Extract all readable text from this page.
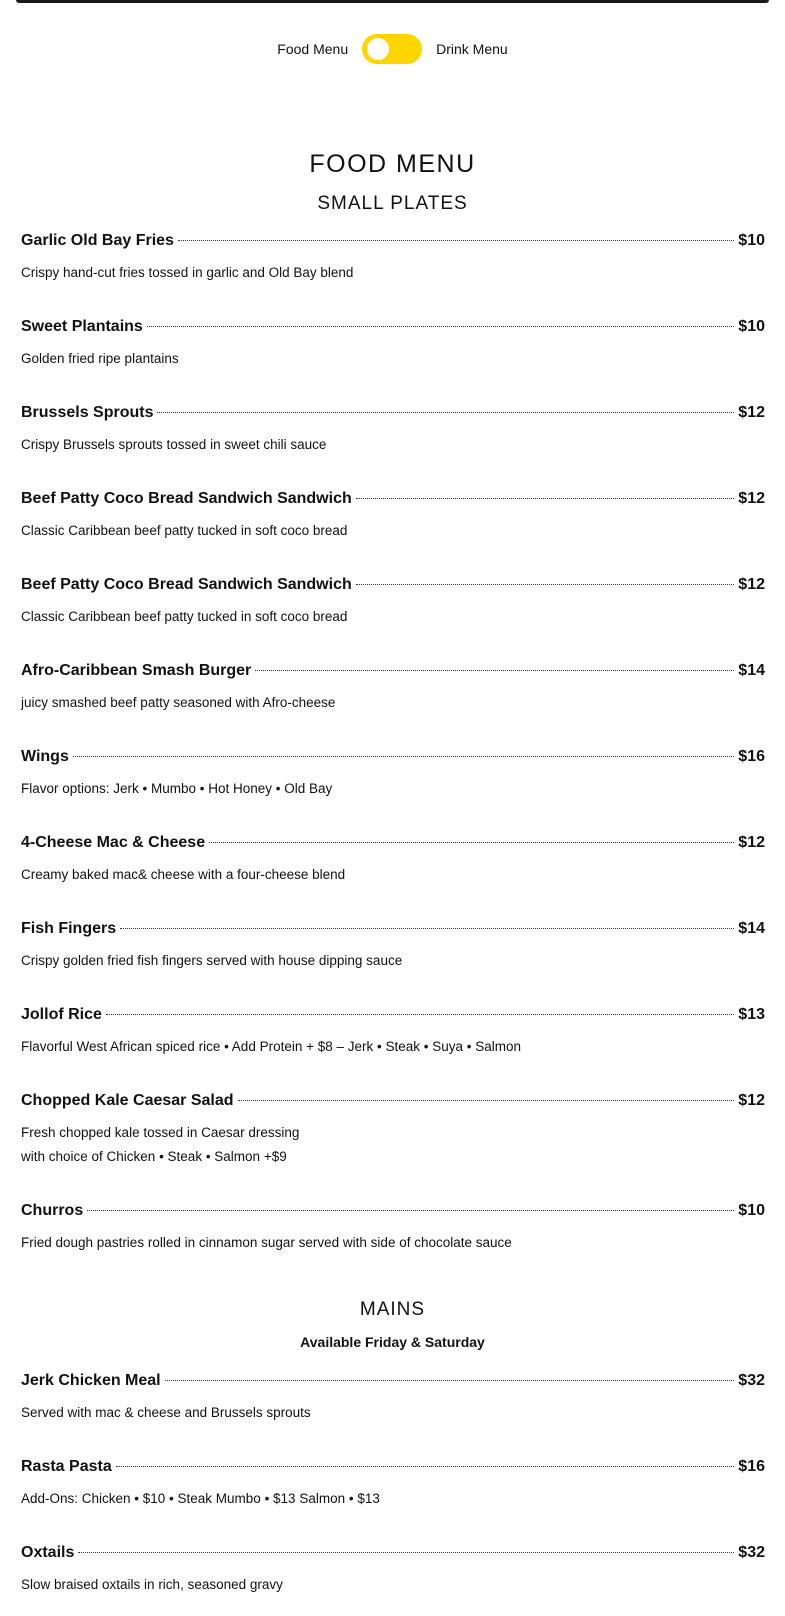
Food Menu	Drink Menu
FOOD MENU
SMALL PLATES
Garlic Old Bay Fries	$10
Crispy hand-cut fries tossed in garlic and Old Bay blend
Sweet Plantains	$10
Golden fried ripe plantains
Brussels Sprouts	$12
Crispy Brussels sprouts tossed in sweet chili sauce
Beef Patty Coco Bread Sandwich Sandwich	$12
Classic Caribbean beef patty tucked in soft coco bread
Beef Patty Coco Bread Sandwich Sandwich	$12
Classic Caribbean beef patty tucked in soft coco bread
Afro-Caribbean Smash Burger	$14
juicy smashed beef patty seasoned with Afro-cheese
Wings	$16
Flavor options: Jerk • Mumbo • Hot Honey • Old Bay
4-Cheese Mac & Cheese	$12
Creamy baked mac& cheese with a four-cheese blend
Fish Fingers	$14
Crispy golden fried fish fingers served with house dipping sauce
Jollof Rice	$13
Flavorful West African spiced rice • Add Protein + $8 – Jerk • Steak • Suya • Salmon
Chopped Kale Caesar Salad	$12
Fresh chopped kale tossed in Caesar dressing
with choice of Chicken • Steak • Salmon +$9
Churros	$10
Fried dough pastries rolled in cinnamon sugar served with side of chocolate sauce
MAINS
Available Friday & Saturday
Jerk Chicken Meal	$32
Served with mac & cheese and Brussels sprouts
Rasta Pasta	$16
Add-Ons: Chicken • $10 • Steak Mumbo • $13 Salmon • $13
Oxtails	$32
Slow braised oxtails in rich, seasoned gravy
